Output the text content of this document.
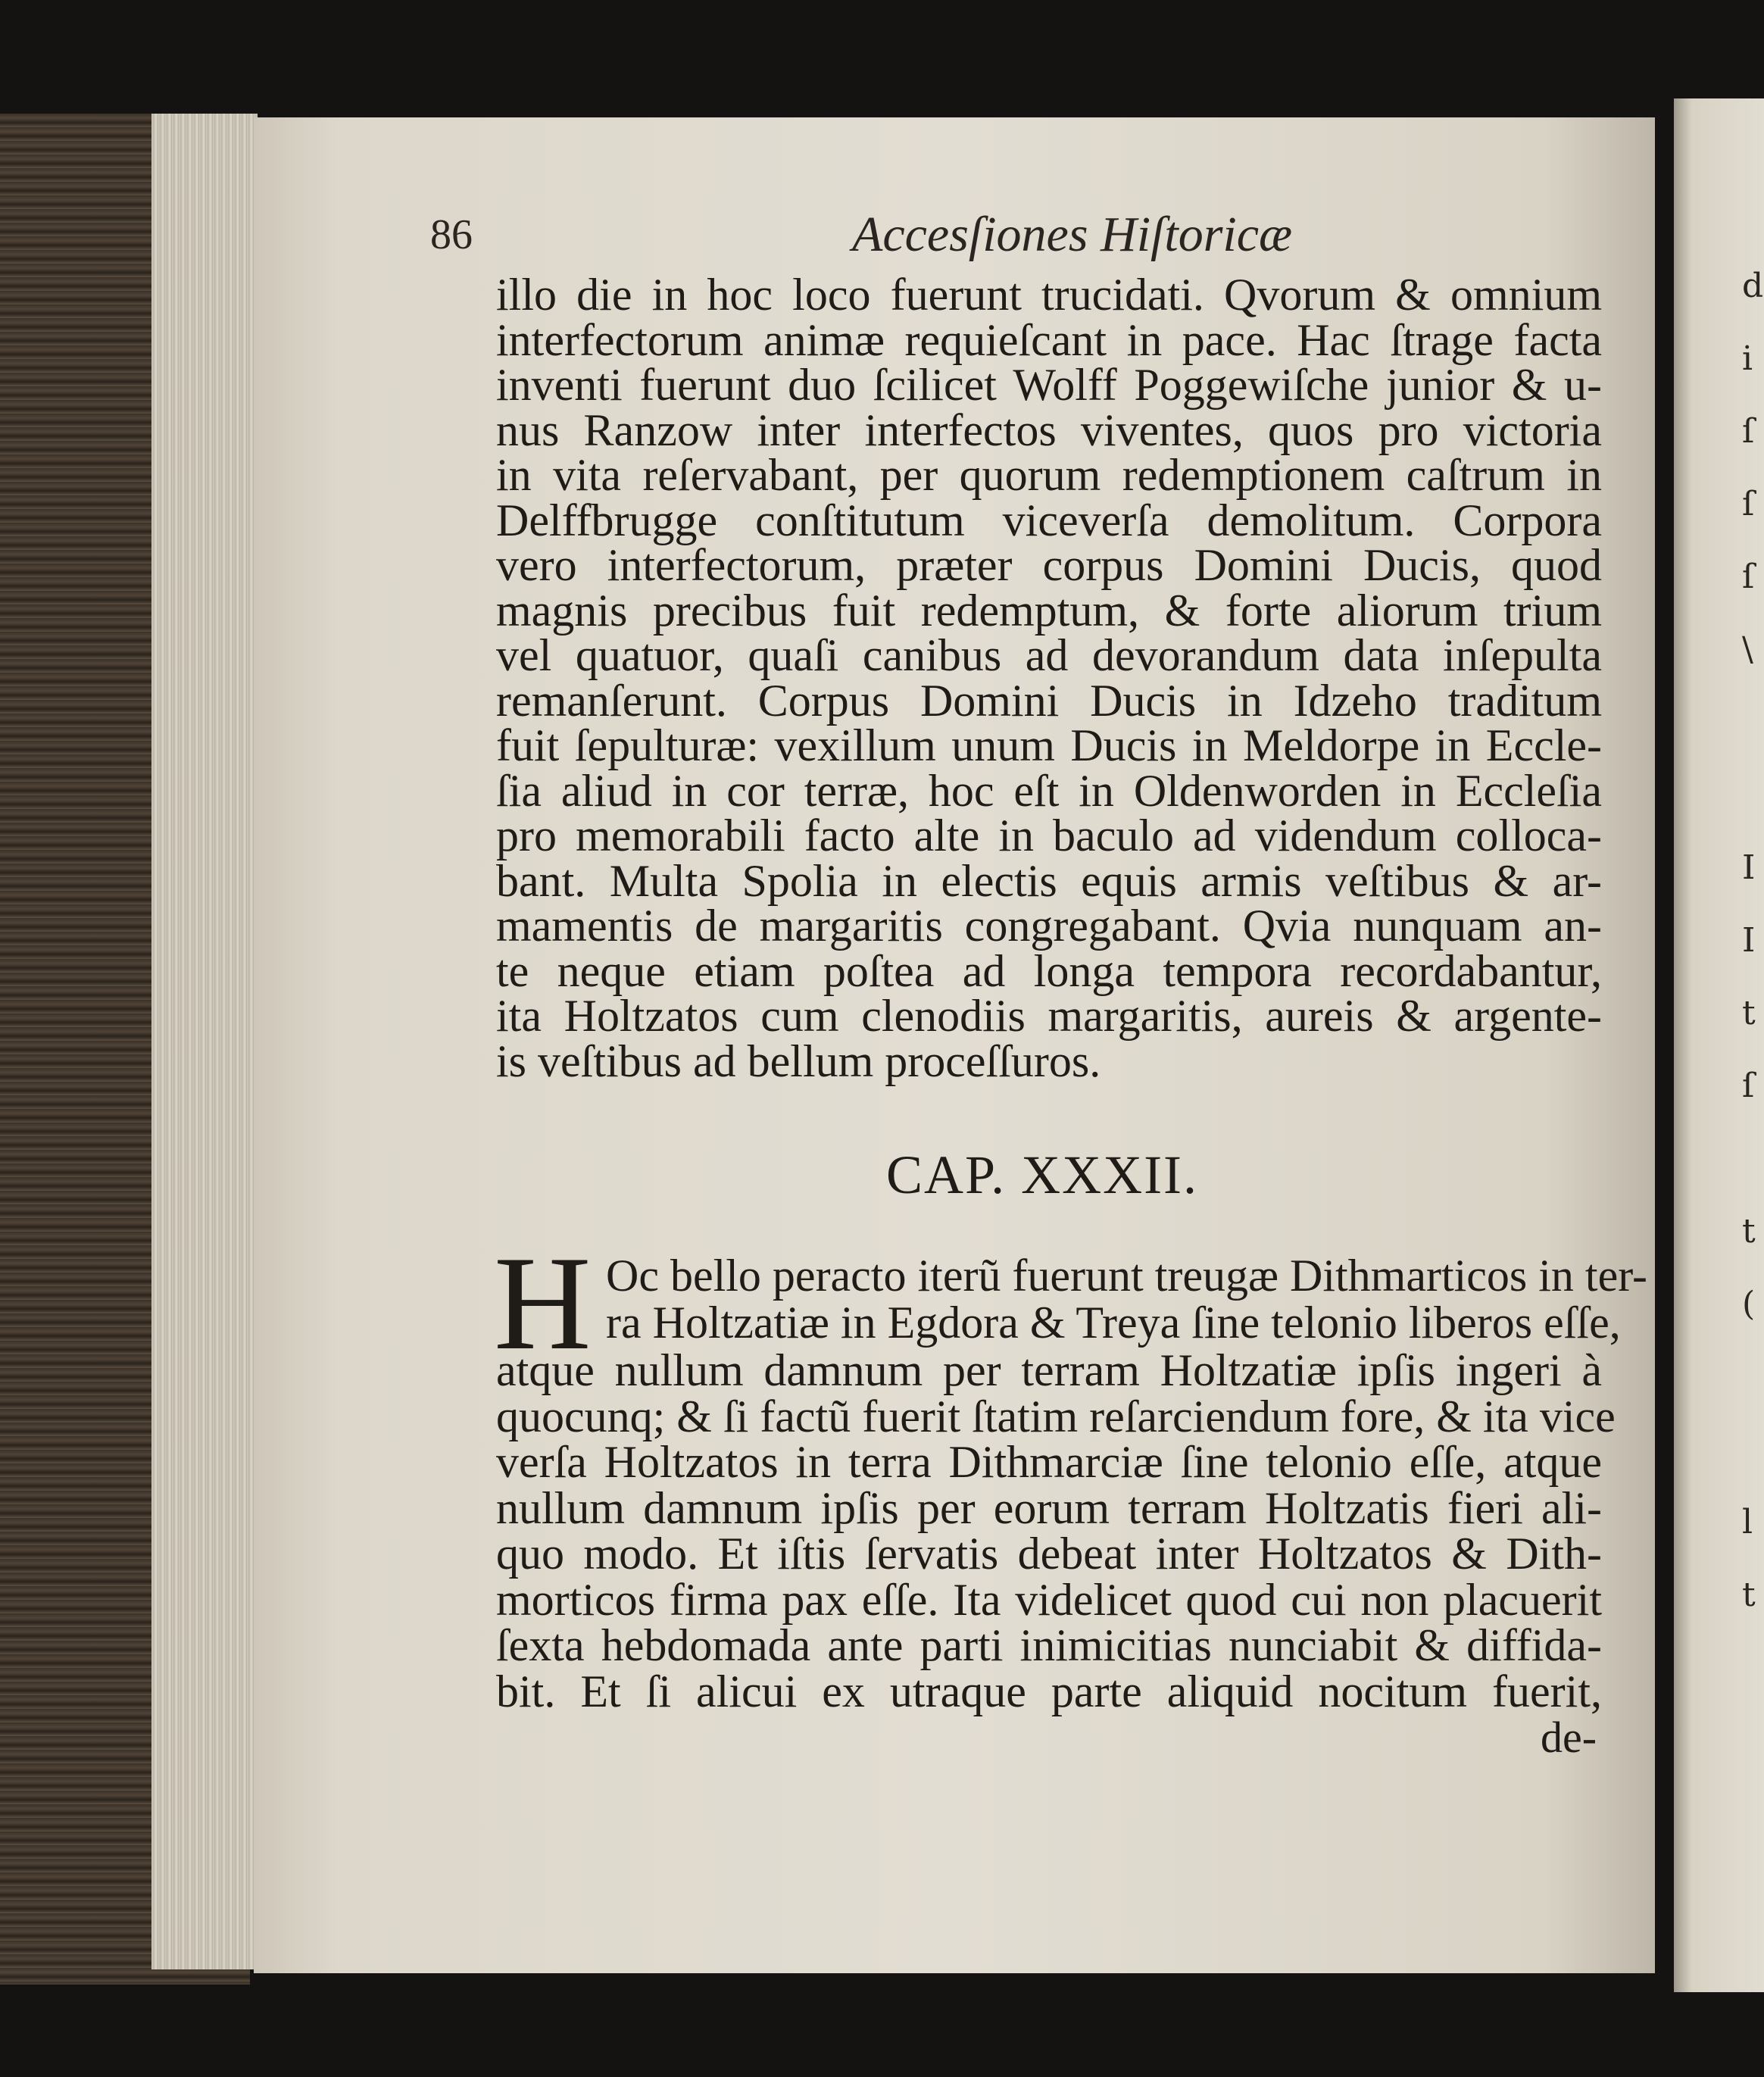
d
i
ſ
ſ
ſ
\

I
I
t
ſ

t
(

l
t
86	Accesſiones Hiſtoricæ
illo die in hoc loco fuerunt trucidati. Qvorum & omnium
interfectorum animæ requieſcant in pace. Hac ſtrage facta
inventi fuerunt duo ſcilicet Wolff Poggewiſche junior & u-
nus Ranzow inter interfectos viventes, quos pro victoria
in vita reſervabant, per quorum redemptionem caſtrum in
Delffbrugge conſtitutum viceverſa demolitum. Corpora
vero interfectorum, præter corpus Domini Ducis, quod
magnis precibus fuit redemptum, & forte aliorum trium
vel quatuor, quaſi canibus ad devorandum data inſepulta
remanſerunt. Corpus Domini Ducis in Idzeho traditum
fuit ſepulturæ: vexillum unum Ducis in Meldorpe in Eccle-
ſia aliud in cor terræ, hoc eſt in Oldenworden in Eccleſia
pro memorabili facto alte in baculo ad videndum colloca-
bant. Multa Spolia in electis equis armis veſtibus & ar-
mamentis de margaritis congregabant. Qvia nunquam an-
te neque etiam poſtea ad longa tempora recordabantur,
ita Holtzatos cum clenodiis margaritis, aureis & argente-
is veſtibus ad bellum proceſſuros.
CAP. XXXII.
H Oc bello peracto iterũ fuerunt treugæ Dithmarticos in ter-
ra Holtzatiæ in Egdora & Treya ſine telonio liberos eſſe,
atque nullum damnum per terram Holtzatiæ ipſis ingeri à
quocunq; & ſi factũ fuerit ſtatim reſarciendum fore, & ita vice
verſa Holtzatos in terra Dithmarciæ ſine telonio eſſe, atque
nullum damnum ipſis per eorum terram Holtzatis fieri ali-
quo modo. Et iſtis ſervatis debeat inter Holtzatos & Dith-
morticos firma pax eſſe. Ita videlicet quod cui non placuerit
ſexta hebdomada ante parti inimicitias nunciabit & diffida-
bit. Et ſi alicui ex utraque parte aliquid nocitum fuerit,
de-
